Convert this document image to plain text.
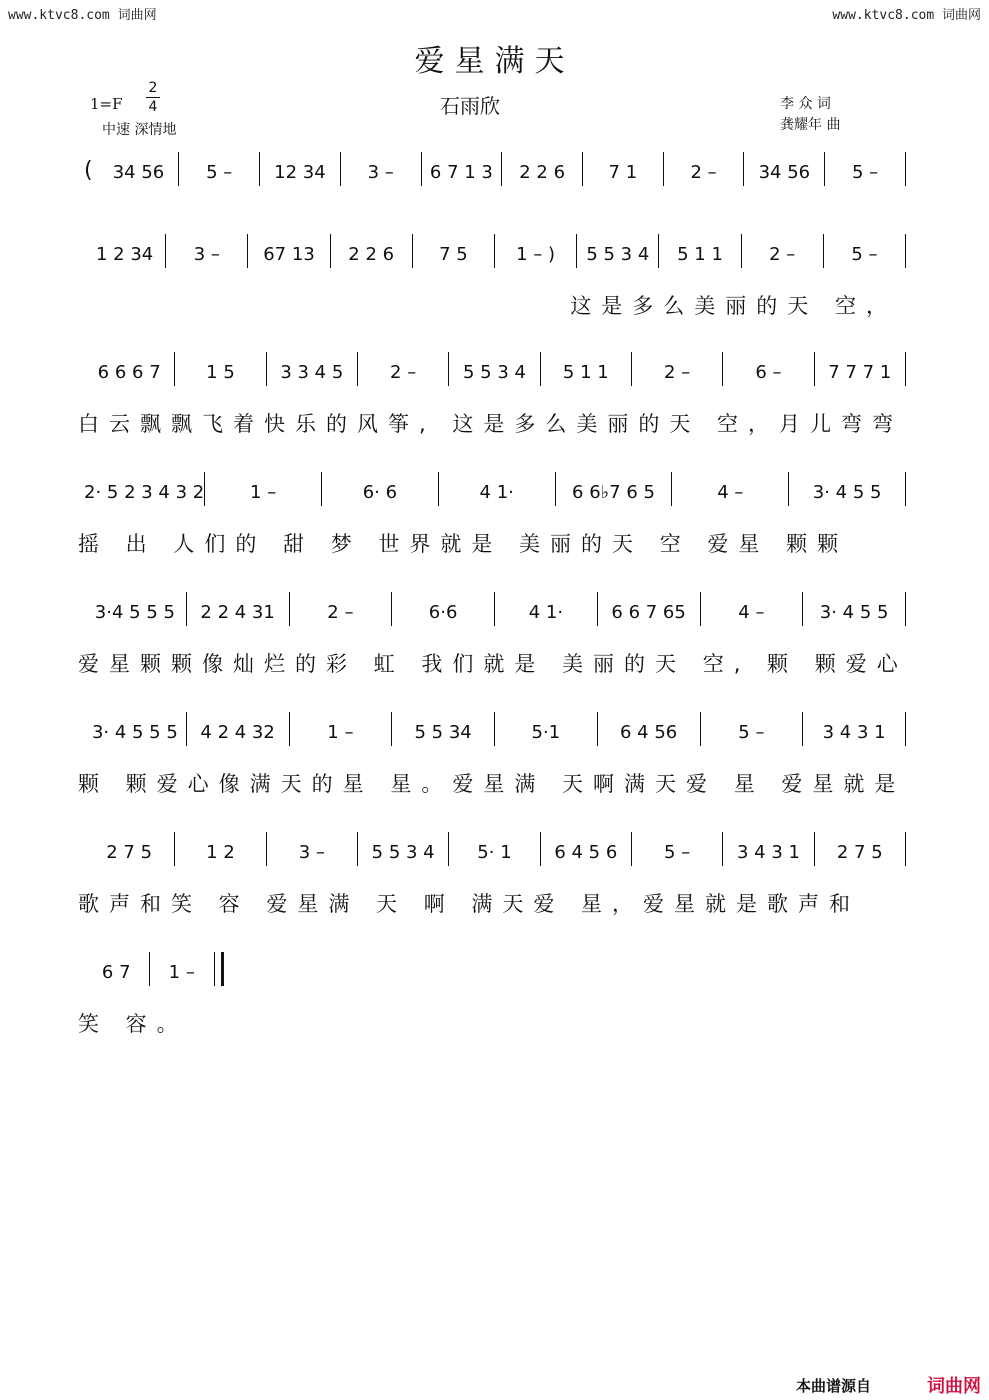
www.ktvc8.com 词曲网	www.ktvc8.com 词曲网
爱星满天
石雨欣
1=F
2
4
中速 深情地
李 众 词
龚耀年 曲
(	34 56	5 –	12 34	3 –	6 7 1 3	2 2 6	7 1	2 –	34 56	5 –
1 2 34	3 –	67 13	2 2 6	7 5	1 – )	5 5 3 4	5 1 1	2 –	5 –
这是多么美丽的天 空，
6 6 6 7	1 5	3 3 4 5	2 –	5 5 3 4	5 1 1	2 –	6 –	7 7 7 1
白云飘飘飞着快乐的风筝, 这是多么美丽的天 空，月儿弯弯
2· 5 2 3 4 3 2	1 –	6· 6	4 1·	6 6♭7 6 5	4 –	3· 4 5 5
摇 出 人们的 甜 梦 世界就是 美丽的天 空 爱星 颗颗
3·4 5 5 5	2 2 4 31	2 –	6·6	4 1·	6 6 7 65	4 –	3· 4 5 5
爱星颗颗像灿烂的彩 虹 我们就是 美丽的天 空, 颗 颗爱心
3· 4 5 5 5	4 2 4 32	1 –	5 5 34	5·1	6 4 56	5 –	3 4 3 1
颗 颗爱心像满天的星 星。爱星满 天啊满天爱 星 爱星就是
2 7 5	1 2	3 –	5 5 3 4	5· 1	6 4 5 6	5 –	3 4 3 1	2 7 5
歌声和笑 容 爱星满 天 啊 满天爱 星，爱星就是歌声和
6 7	1 –
笑 容。
本曲谱源自	词曲网
